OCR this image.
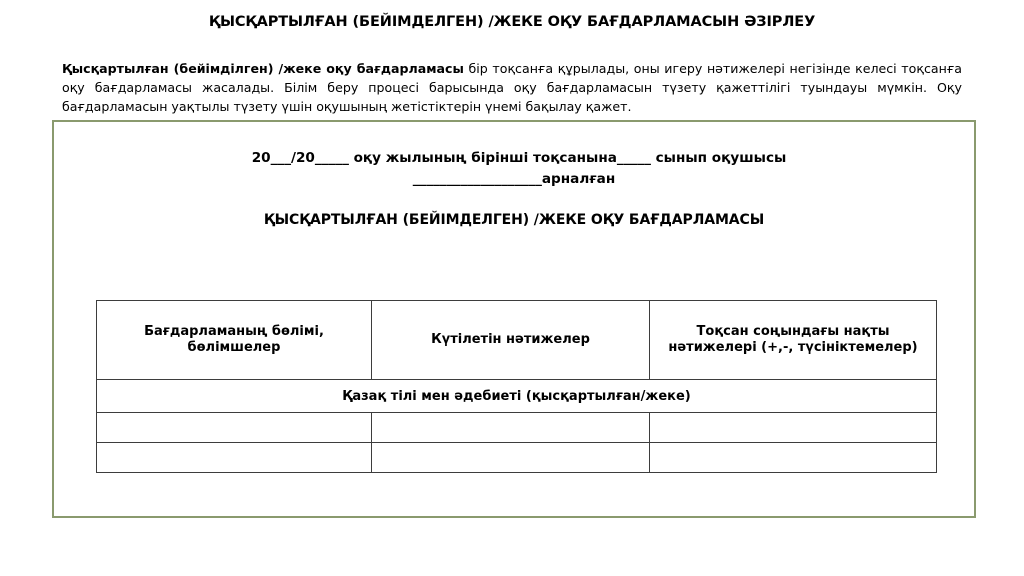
ҚЫСҚАРТЫЛҒАН (БЕЙІМДЕЛГЕН) /ЖЕКЕ ОҚУ БАҒДАРЛАМАСЫН ӘЗІРЛЕУ

Қысқартылған (бейімділген) /жеке оқу бағдарламасы бір тоқсанға құрылады, оны игеру нәтижелері негізінде келесі тоқсанға оқу бағдарламасы жасалады. Білім беру процесі барысында оқу бағдарламасын түзету қажеттілігі туындауы мүмкін. Оқу бағдарламасын уақтылы түзету үшін оқушының жетістіктерін үнемі бақылау қажет.

20___/20_____ оқу жылының бірінші тоқсанына_____ сынып оқушысы
___________________арналған
ҚЫСҚАРТЫЛҒАН (БЕЙІМДЕЛГЕН) /ЖЕКЕ ОҚУ БАҒДАРЛАМАСЫ
Бағдарламаның бөлімі, бөлімшелер	Күтілетін нәтижелер	Тоқсан соңындағы нақты нәтижелері (+,-, түсініктемелер)
Қазақ тілі мен әдебиеті (қысқартылған/жеке)		
